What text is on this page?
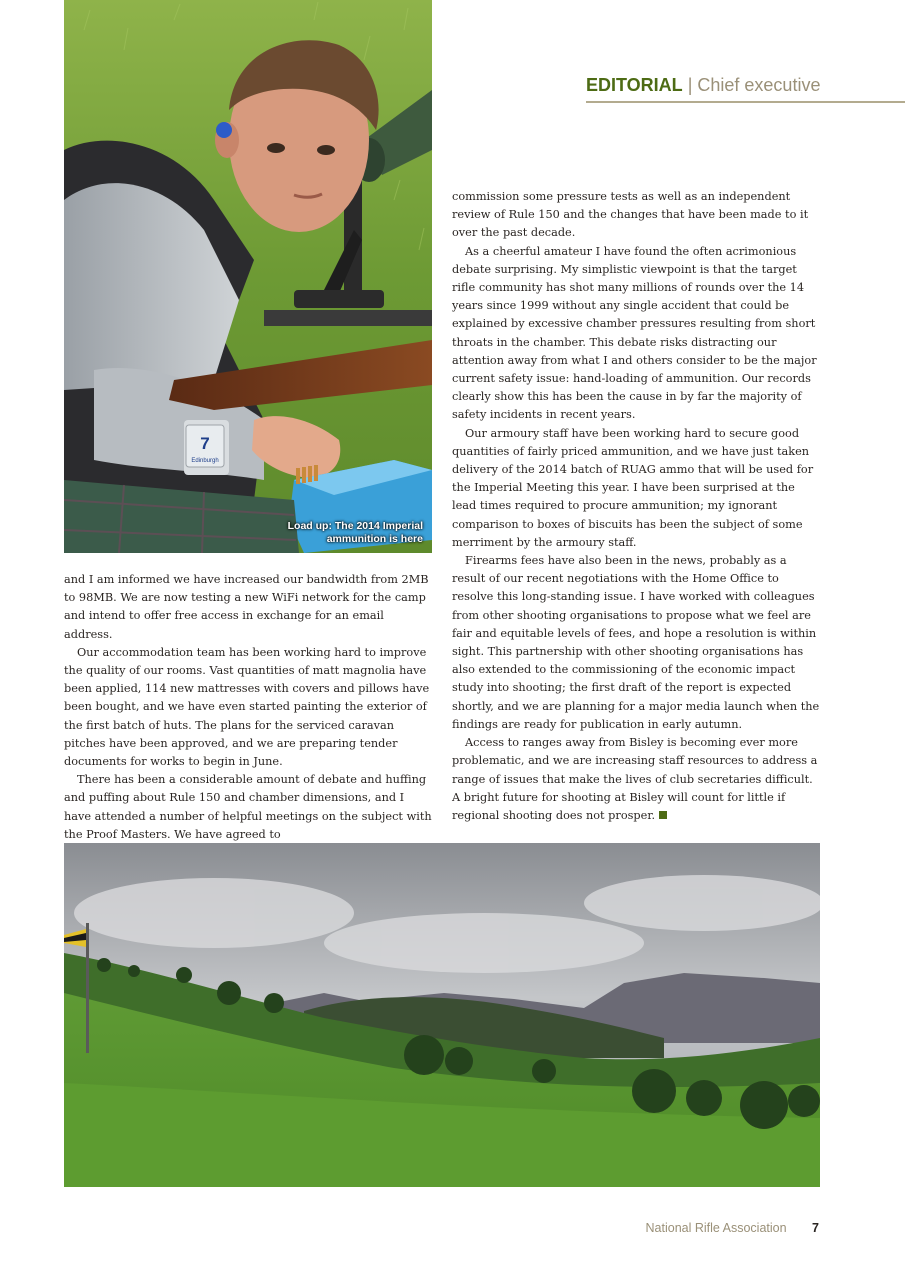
EDITORIAL | Chief executive
7
Edinburgh
Load up: The 2014 Imperial
ammunition is here

and I am informed we have increased our bandwidth from 2MB to 98MB. We are now testing a new WiFi network for the camp and intend to offer free access in exchange for an email address.

Our accommodation team has been working hard to improve the quality of our rooms. Vast quantities of matt magnolia have been applied, 114 new mattresses with covers and pillows have been bought, and we have even started painting the exterior of the first batch of huts. The plans for the serviced caravan pitches have been approved, and we are preparing tender documents for works to begin in June.

There has been a considerable amount of debate and huffing and puffing about Rule 150 and chamber dimensions, and I have attended a number of helpful meetings on the subject with the Proof Masters. We have agreed to

commission some pressure tests as well as an independent review of Rule 150 and the changes that have been made to it over the past decade.

As a cheerful amateur I have found the often acrimonious debate surprising. My simplistic viewpoint is that the target rifle community has shot many millions of rounds over the 14 years since 1999 without any single accident that could be explained by excessive chamber pressures resulting from short throats in the chamber. This debate risks distracting our attention away from what I and others consider to be the major current safety issue: hand-loading of ammunition. Our records clearly show this has been the cause in by far the majority of safety incidents in recent years.

Our armoury staff have been working hard to secure good quantities of fairly priced ammunition, and we have just taken delivery of the 2014 batch of RUAG ammo that will be used for the Imperial Meeting this year. I have been surprised at the lead times required to procure ammunition; my ignorant comparison to boxes of biscuits has been the subject of some merriment by the armoury staff.

Firearms fees have also been in the news, probably as a result of our recent negotiations with the Home Office to resolve this long-standing issue. I have worked with colleagues from other shooting organisations to propose what we feel are fair and equitable levels of fees, and hope a resolution is within sight. This partnership with other shooting organisations has also extended to the commissioning of the economic impact study into shooting; the first draft of the report is expected shortly, and we are planning for a major media launch when the findings are ready for publication in early autumn.

Access to ranges away from Bisley is becoming ever more problematic, and we are increasing staff resources to address a range of issues that make the lives of club secretaries difficult. A bright future for shooting at Bisley will count for little if regional shooting does not prosper.

National Rifle Association 7
